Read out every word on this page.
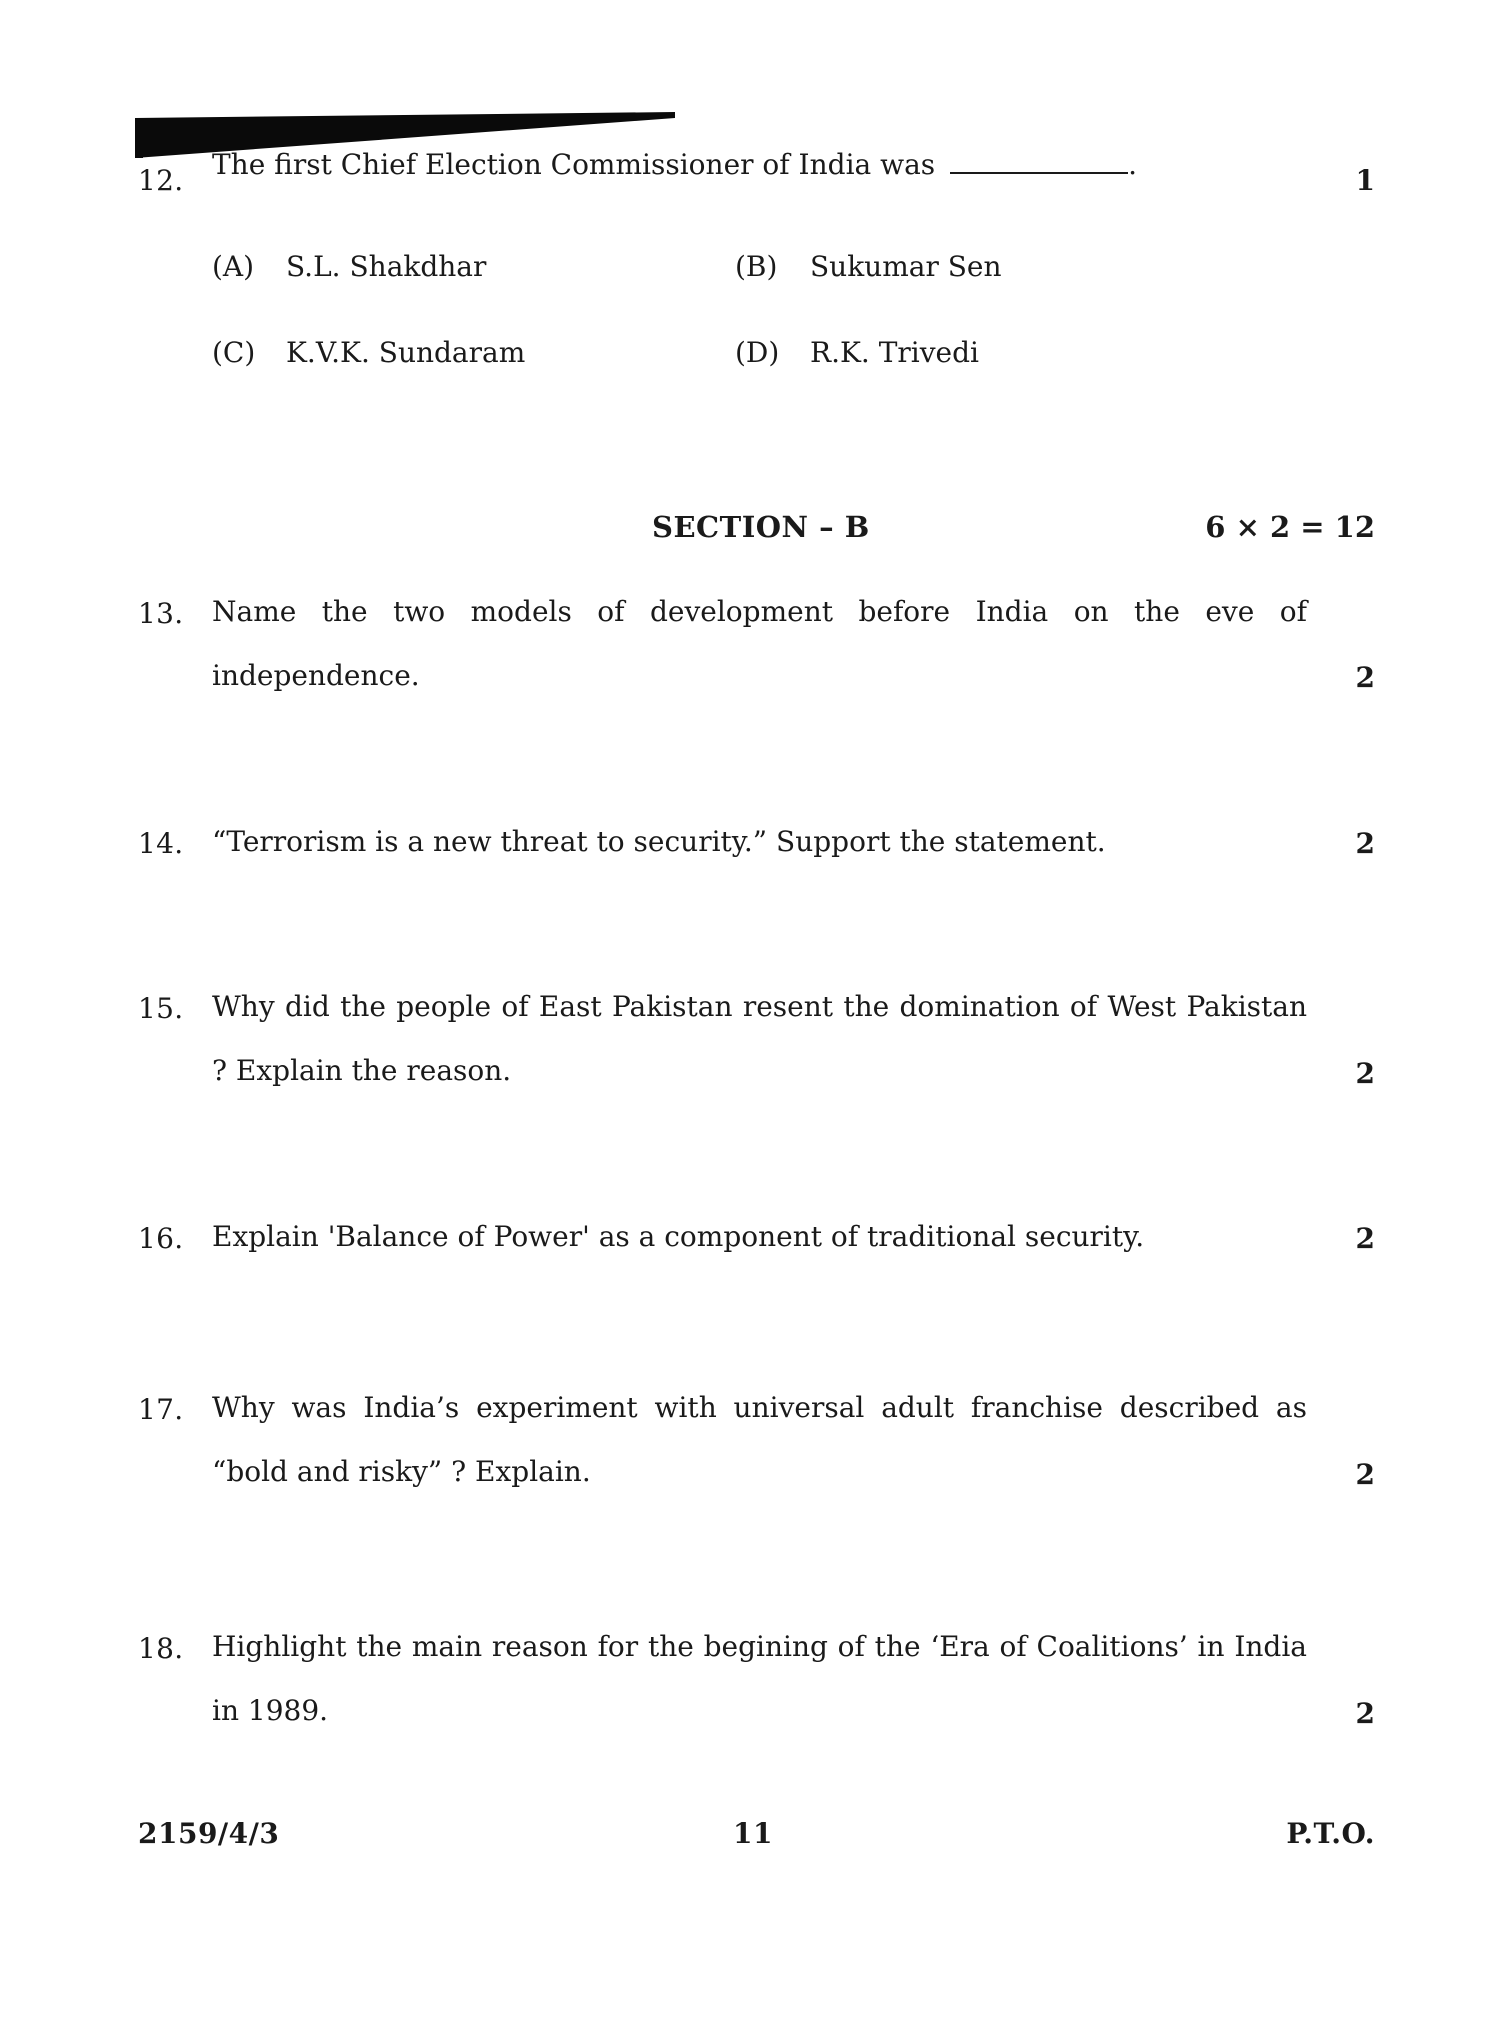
12. The first Chief Election Commissioner of India was	.	1
(A) S.L. Shakdhar	(B) Sukumar Sen
(C) K.V.K. Sundaram	(D) R.K. Trivedi
SECTION – B	6 × 2 = 12
13. Name the two models of development before India on the eve of independence.	2
14. “Terrorism is a new threat to security.” Support the statement.	2
15. Why did the people of East Pakistan resent the domination of West Pakistan ? Explain the reason.	2
16. Explain 'Balance of Power' as a component of traditional security.	2
17. Why was India’s experiment with universal adult franchise described as “bold and risky” ? Explain.	2
18. Highlight the main reason for the begining of the ‘Era of Coalitions’ in India in 1989.	2
2159/4/3	11	P.T.O.
